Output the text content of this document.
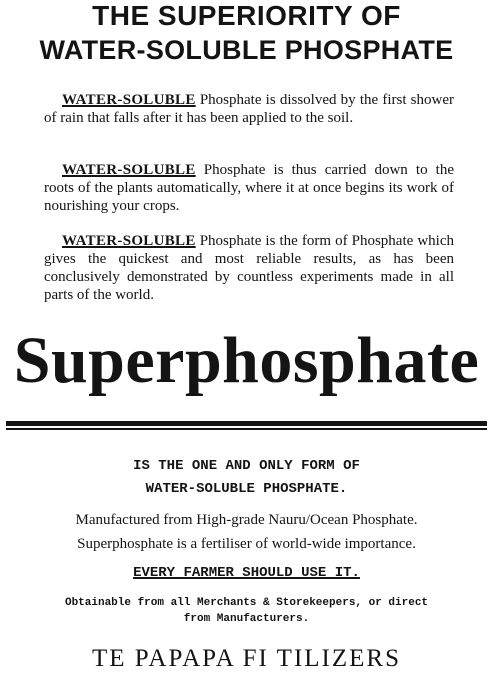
THE SUPERIORITY OF
WATER-SOLUBLE PHOSPHATE
WATER-SOLUBLE Phosphate is dissolved by the first shower of rain that falls after it has been applied to the soil.
WATER-SOLUBLE Phosphate is thus carried down to the roots of the plants automatically, where it at once begins its work of nourishing your crops.
WATER-SOLUBLE Phosphate is the form of Phosphate which gives the quickest and most reliable results, as has been conclusively demonstrated by countless experiments made in all parts of the world.
Superphosphate
IS THE ONE AND ONLY FORM OF
WATER-SOLUBLE PHOSPHATE.
Manufactured from High-grade Nauru/Ocean Phosphate.
Superphosphate is a fertiliser of world-wide importance.
EVERY FARMER SHOULD USE IT.
Obtainable from all Merchants & Storekeepers, or direct
from Manufacturers.
TE PAPAPA FI TILIZERS
